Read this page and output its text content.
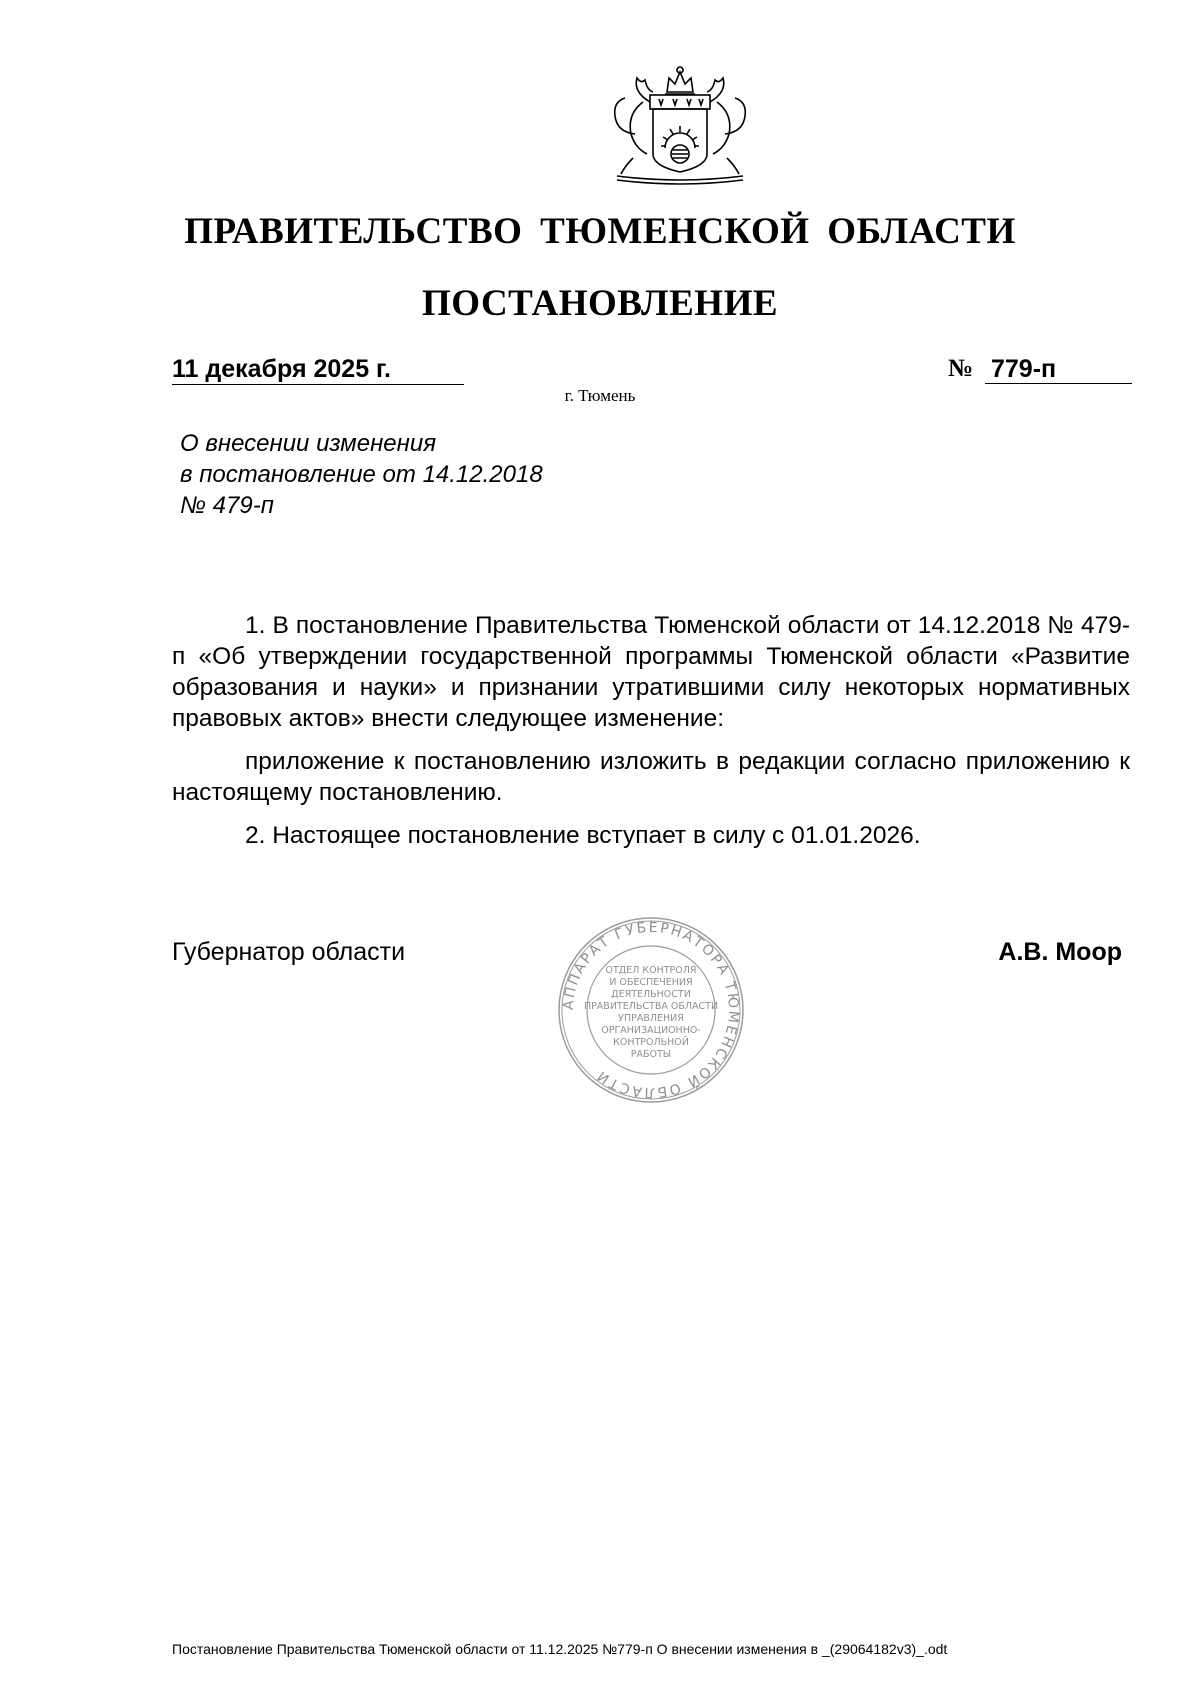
ПРАВИТЕЛЬСТВО ТЮМЕНСКОЙ ОБЛАСТИ
ПОСТАНОВЛЕНИЕ
11 декабря 2025 г.	№ 779-п
г. Тюмень
О внесении изменения
в постановление от 14.12.2018
№ 479-п

1. В постановление Правительства Тюменской области от 14.12.2018 № 479-п «Об утверждении государственной программы Тюменской области «Развитие образования и науки» и признании утратившими силу некоторых нормативных правовых актов» внести следующее изменение:

приложение к постановлению изложить в редакции согласно приложению к настоящему постановлению.

2. Настоящее постановление вступает в силу с 01.01.2026.

Губернатор области	А.В. Моор
АППАРАТ ГУБЕРНАТОРА ТЮМЕНСКОЙ ОБЛАСТИ
ОТДЕЛ КОНТРОЛЯ
И ОБЕСПЕЧЕНИЯ
ДЕЯТЕЛЬНОСТИ
ПРАВИТЕЛЬСТВА ОБЛАСТИ
УПРАВЛЕНИЯ
ОРГАНИЗАЦИОННО-
КОНТРОЛЬНОЙ
РАБОТЫ
Постановление Правительства Тюменской области от 11.12.2025 №779-п О внесении изменения в _(29064182v3)_.odt
